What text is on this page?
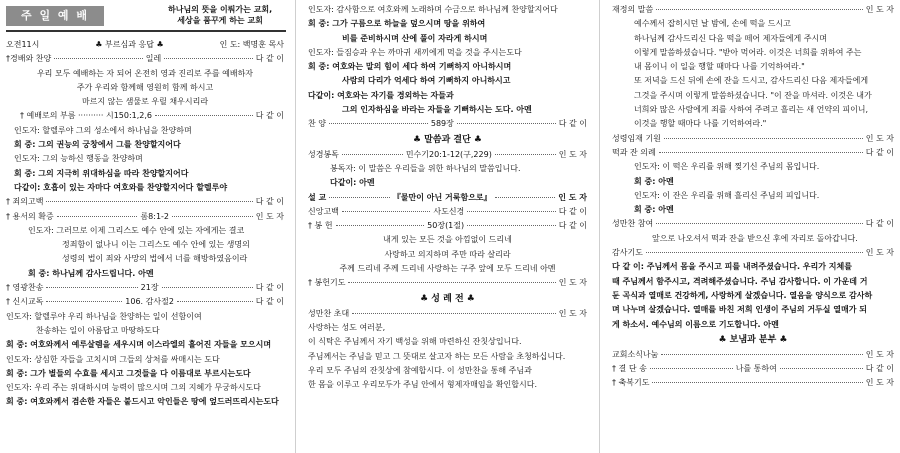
주 일 예 배	하나님의 뜻을 이뤄가는 교회,
세상을 품꾸게 하는 교회
오전11시	♣ 부르심과 응답 ♣	인 도: 백명훈 목사
†경배와 찬양	일레	다 같 이
우리 모두 예배하는 자 되어 온전히 영과 진리로 주를 예배하자
주가 우리와 함께해 영원히 함께 하시고
마르지 않는 샘물로 우릴 채우시리라
† 예배로의 부름 ·········· 시150:1,2,6	다 같 이
인도자: 할렐루야 그의 성소에서 하나님을 찬양하며
회 중: 그의 권능의 궁창에서 그를 찬양할지어다
인도자: 그의 능하신 행동을 찬양하며
회 중: 그의 지극히 위대하심을 따라 찬양할지어다
다같이: 호흡이 있는 자마다 여호와를 찬양할지어다 할렐루야
† 죄의고백	다 같 이
† 용서의 확증	롬8:1-2	인 도 자
인도자: 그러므로 이제 그리스도 예수 안에 있는 자에게는 결코
정죄함이 없나니 이는 그리스도 예수 안에 있는 생명의
성령의 법이 죄와 사망의 법에서 너를 해방하였음이라
회 중: 하나님께 감사드립니다. 아멘
† 영광찬송	21장	다 같 이
† 신시교독	106. 감사절2	다 같 이
인도자: 할렐루야 우리 하나님을 찬양하는 일이 선함이여
찬송하는 일이 아름답고 마땅하도다
회 중: 여호와께서 예루살렘을 세우시며 이스라엘의 흩어진 자들을 모으시며
인도자: 상심한 자들을 고치시며 그들의 상처를 싸매시는 도다
회 중: 그가 별들의 수효를 세시고 그것들을 다 이름대로 부르시는도다
인도자: 우리 주는 위대하시며 능력이 많으시며 그의 지혜가 무궁하시도다
회 중: 여호와께서 겸손한 자들은 붙드시고 악인들은 땅에 엎드러뜨리시는도다
인도자: 감사함으로 여호와께 노래하며 수금으로 하나님께 찬양할지어다
회 중: 그가 구름으로 하늘을 덮으시며 땅을 위하여
비를 준비하시며 산에 풀이 자라게 하시며
인도자: 들짐승과 우는 까마귀 새끼에게 먹을 것을 주시는도다
회 중: 여호와는 말의 힘이 세다 하여 기뻐하지 아니하시며
사람의 다리가 억세다 하여 기뻐하지 아니하시고
다같이: 여호와는 자기를 경외하는 자들과
그의 인자하심을 바라는 자들을 기뻐하시는 도다. 아멘
찬 양	589장	다 같 이
♣ 말씀과 결단 ♣
성경봉독	민수기20:1-12(구,229)	인 도 자
봉독자: 이 말씀은 우리들을 위한 하나님의 말씀입니다.
다같이: 아멘
설 교	『물만이 아닌 거룩함으로』	인 도 자
신앙고백	사도신경	다 같 이
† 봉 헌	50장(1절)	다 같 이
내게 있는 모든 것을 아낌없이 드리네
사랑하고 의지하며 주만 따라 살리라
주께 드리네 주께 드리네 사랑하는 구주 앞에 모두 드리네 아멘
† 봉헌기도	인 도 자
♣ 성 례 전 ♣
성만찬 초대	인 도 자
사랑하는 성도 여러분,
이 식탁은 주님께서 자기 백성을 위해 마련하신 잔칫상입니다.
주님께서는 주님을 믿고 그 뜻대로 살고자 하는 모든 사람을 초청하십니다.
우리 모두 주님의 잔칫상에 참예합시다. 이 성만찬을 통해 주님과
한 몸을 이루고 우리모두가 주님 안에서 형제자매임을 확인합시다.
재정의 말씀	인 도 자
예수께서 잡히시던 날 밤에, 손에 떡을 드시고
하나님께 감사드리신 다음 떡을 떼어 제자들에게 주시며
이렇게 말씀하셨습니다. "받아 먹어라. 이것은 너희를 위하여 주는
내 몸이니 이 일을 행할 때마다 나를 기억하여라."
또 저녁을 드신 뒤에 손에 잔을 드시고, 감사드리신 다음 제자들에게
그것을 주시며 이렇게 말씀하셨습니다. "이 잔을 마셔라. 이것은 내가
너희와 많은 사람에게 죄를 사하여 주려고 흘리는 새 언약의 피이니,
이것을 행할 때마다 나를 기억하여라."
성령임재 기원	인 도 자
떡과 잔 의례	다 같 이
인도자: 이 떡은 우리를 위해 찢기신 주님의 몸입니다.
회 중: 아멘
인도자: 이 잔은 우리를 위해 흘리신 주님의 피입니다.
회 중: 아멘
성만찬 참여	다 같 이
앞으로 나오셔서 떡과 잔을 받으신 후에 자리로 돌아갑니다.
감사기도	인 도 자
다 같 이: 주님께서 몸을 주시고 피를 내려주셨습니다. 우리가 지체를
때 주님께서 함주시고, 격려해주셨습니다. 주님 감사합니다. 이 가운데 거
둔 곡식과 열매로 건강하게, 사랑하게 살겠습니다. 열음을 양식으로 감사하
며 나누며 살겠습니다. 열매를 바친 저희 인생이 주님의 거두실 열매가 되
게 하소서. 예수님의 이름으로 기도합니다. 아멘
♣ 보냄과 분부 ♣
교회소식나눔	인 도 자
† 결 단 송	나를 통하여	다 같 이
† 축복기도	인 도 자
